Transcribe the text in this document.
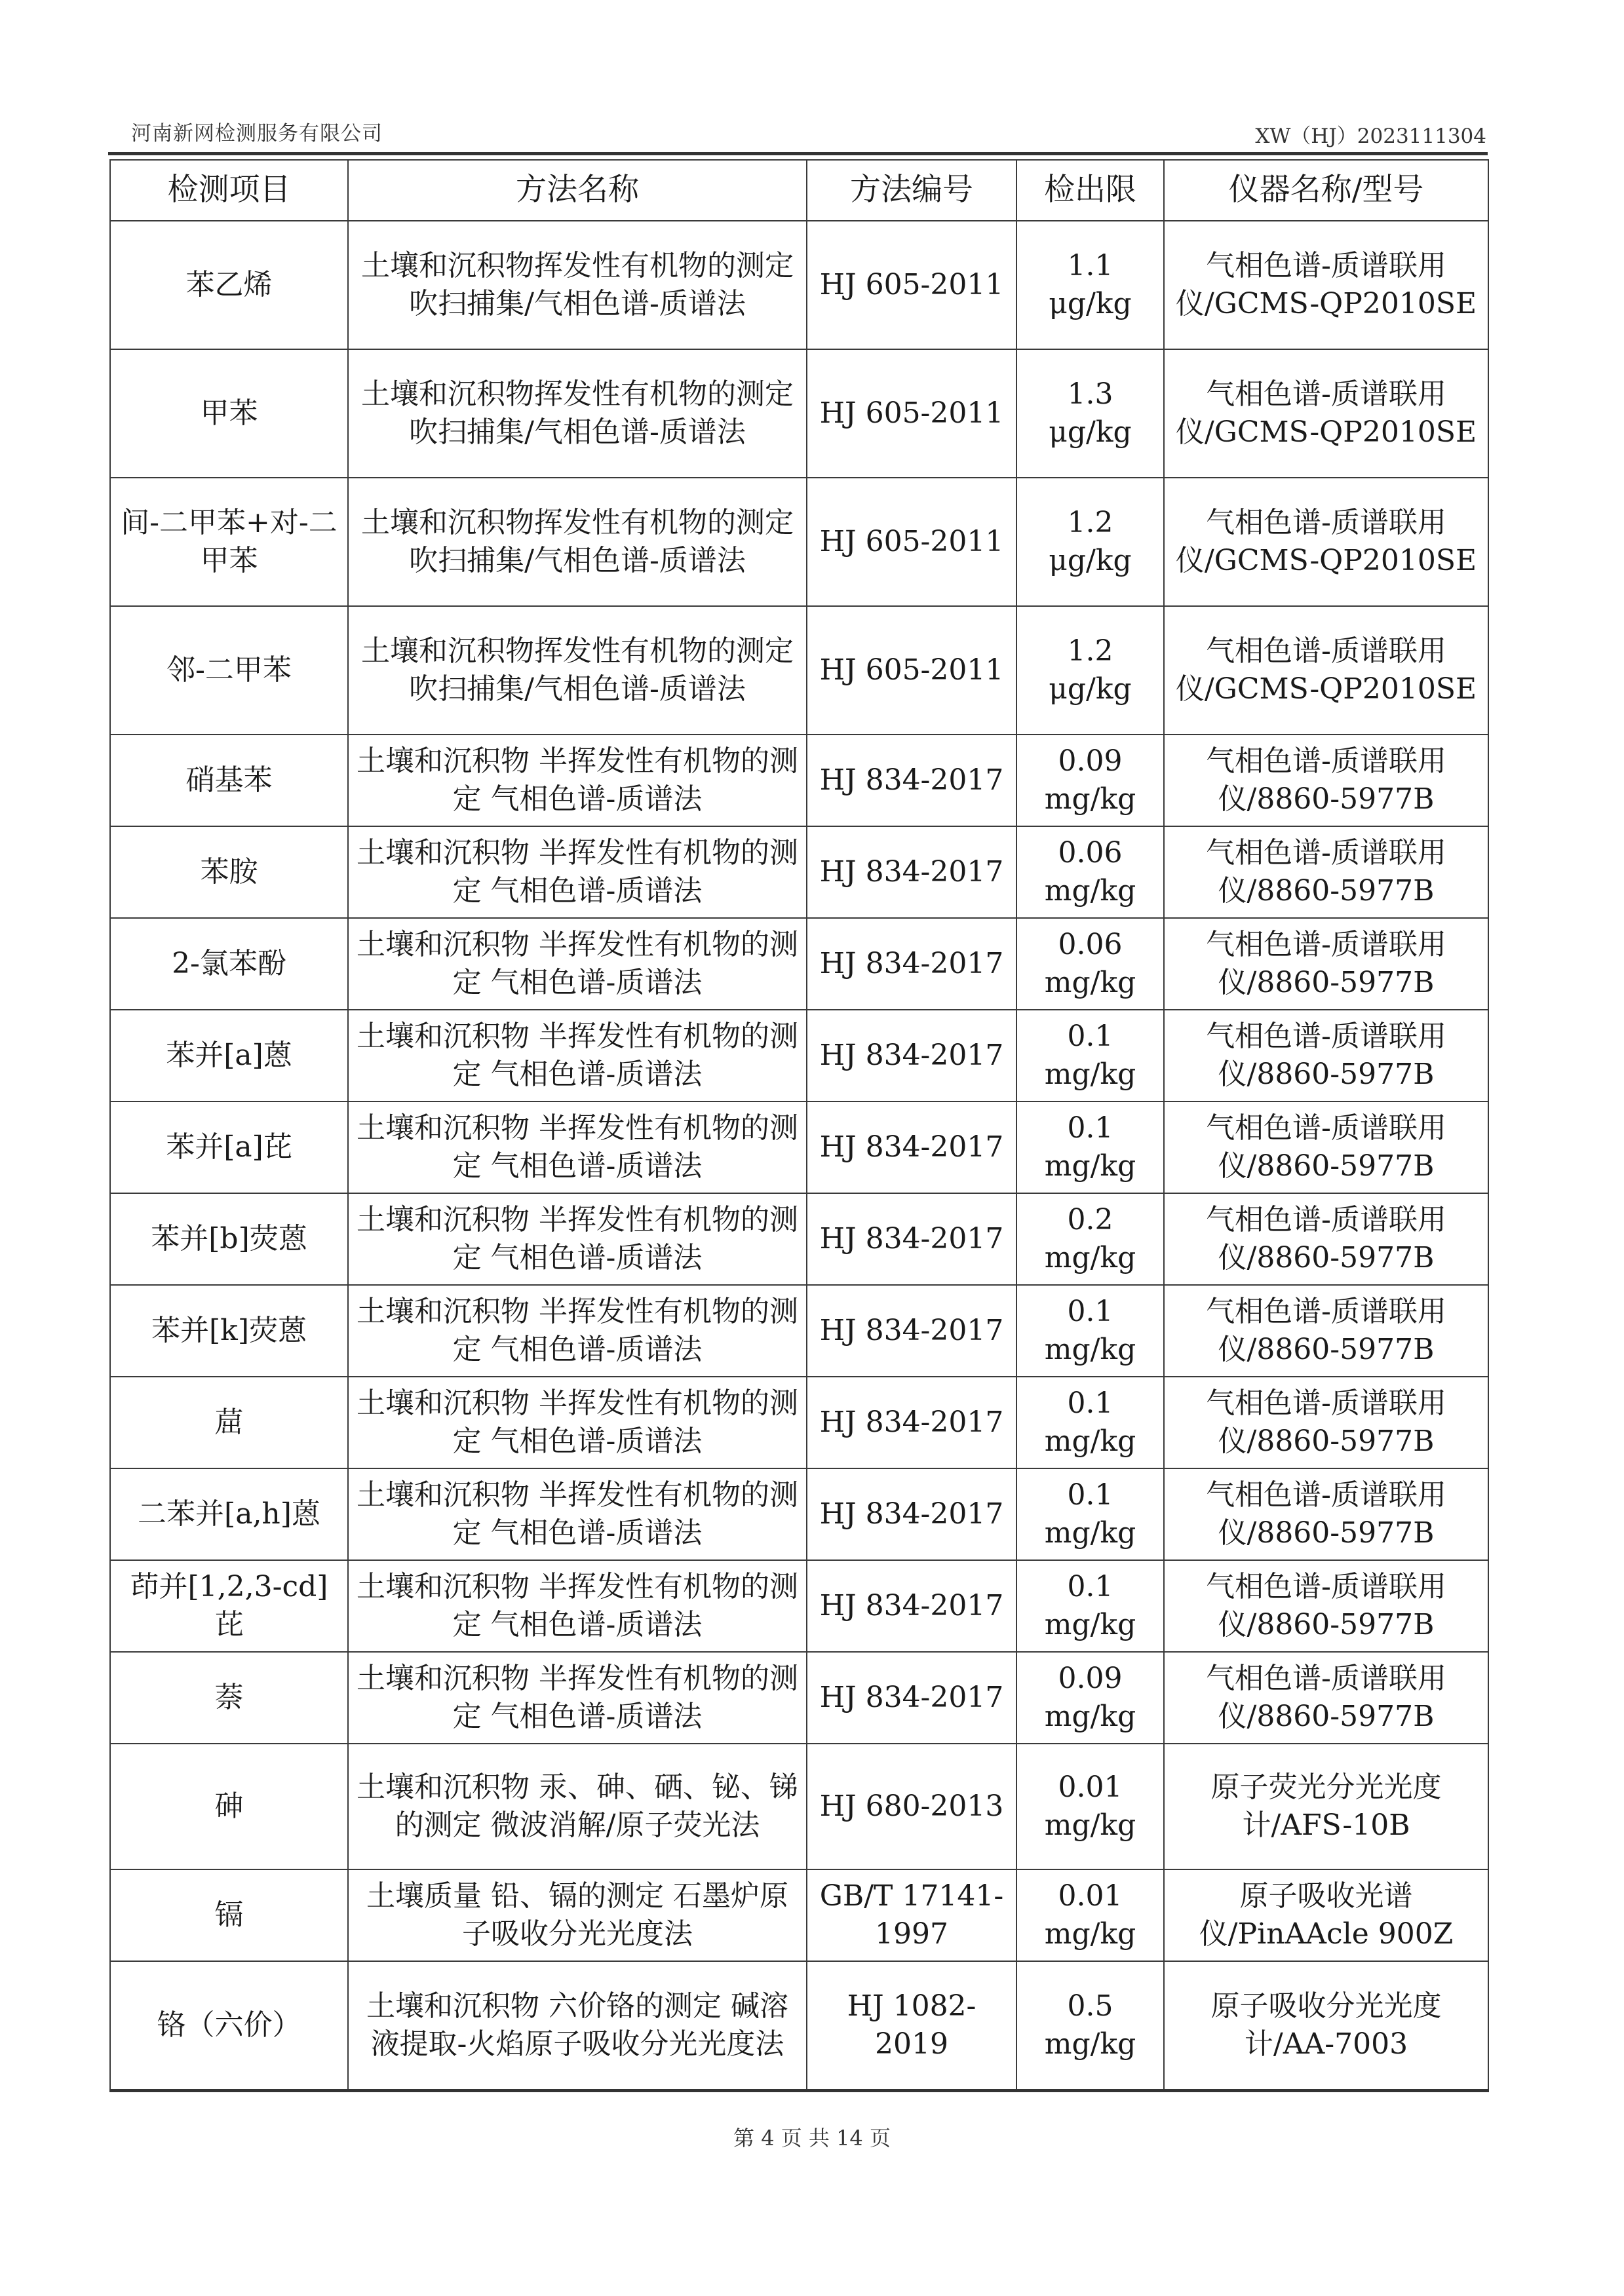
河南新网检测服务有限公司	XW（HJ）2023111304
检测项目	方法名称	方法编号	检出限	仪器名称/型号
苯乙烯	土壤和沉积物挥发性有机物的测定吹扫捕集/气相色谱-质谱法	HJ 605-2011	1.1 μg/kg	气相色谱-质谱联用仪/GCMS-QP2010SE
甲苯	土壤和沉积物挥发性有机物的测定吹扫捕集/气相色谱-质谱法	HJ 605-2011	1.3 μg/kg	气相色谱-质谱联用仪/GCMS-QP2010SE
间-二甲苯+对-二甲苯	土壤和沉积物挥发性有机物的测定吹扫捕集/气相色谱-质谱法	HJ 605-2011	1.2 μg/kg	气相色谱-质谱联用仪/GCMS-QP2010SE
邻-二甲苯	土壤和沉积物挥发性有机物的测定吹扫捕集/气相色谱-质谱法	HJ 605-2011	1.2 μg/kg	气相色谱-质谱联用仪/GCMS-QP2010SE
硝基苯	土壤和沉积物 半挥发性有机物的测定 气相色谱-质谱法	HJ 834-2017	0.09 mg/kg	气相色谱-质谱联用仪/8860-5977B
苯胺	土壤和沉积物 半挥发性有机物的测定 气相色谱-质谱法	HJ 834-2017	0.06 mg/kg	气相色谱-质谱联用仪/8860-5977B
2-氯苯酚	土壤和沉积物 半挥发性有机物的测定 气相色谱-质谱法	HJ 834-2017	0.06 mg/kg	气相色谱-质谱联用仪/8860-5977B
苯并[a]蒽	土壤和沉积物 半挥发性有机物的测定 气相色谱-质谱法	HJ 834-2017	0.1 mg/kg	气相色谱-质谱联用仪/8860-5977B
苯并[a]芘	土壤和沉积物 半挥发性有机物的测定 气相色谱-质谱法	HJ 834-2017	0.1 mg/kg	气相色谱-质谱联用仪/8860-5977B
苯并[b]荧蒽	土壤和沉积物 半挥发性有机物的测定 气相色谱-质谱法	HJ 834-2017	0.2 mg/kg	气相色谱-质谱联用仪/8860-5977B
苯并[k]荧蒽	土壤和沉积物 半挥发性有机物的测定 气相色谱-质谱法	HJ 834-2017	0.1 mg/kg	气相色谱-质谱联用仪/8860-5977B
䓛	土壤和沉积物 半挥发性有机物的测定 气相色谱-质谱法	HJ 834-2017	0.1 mg/kg	气相色谱-质谱联用仪/8860-5977B
二苯并[a,h]蒽	土壤和沉积物 半挥发性有机物的测定 气相色谱-质谱法	HJ 834-2017	0.1 mg/kg	气相色谱-质谱联用仪/8860-5977B
茚并[1,2,3-cd]芘	土壤和沉积物 半挥发性有机物的测定 气相色谱-质谱法	HJ 834-2017	0.1 mg/kg	气相色谱-质谱联用仪/8860-5977B
萘	土壤和沉积物 半挥发性有机物的测定 气相色谱-质谱法	HJ 834-2017	0.09 mg/kg	气相色谱-质谱联用仪/8860-5977B
砷	土壤和沉积物 汞、砷、硒、铋、锑的测定 微波消解/原子荧光法	HJ 680-2013	0.01 mg/kg	原子荧光分光光度计/AFS-10B
镉	土壤质量 铅、镉的测定 石墨炉原子吸收分光光度法	GB/T 17141-1997	0.01 mg/kg	原子吸收光谱仪/PinAAcle 900Z
铬（六价）	土壤和沉积物 六价铬的测定 碱溶液提取-火焰原子吸收分光光度法	HJ 1082-2019	0.5 mg/kg	原子吸收分光光度计/AA-7003
第 4 页 共 14 页
